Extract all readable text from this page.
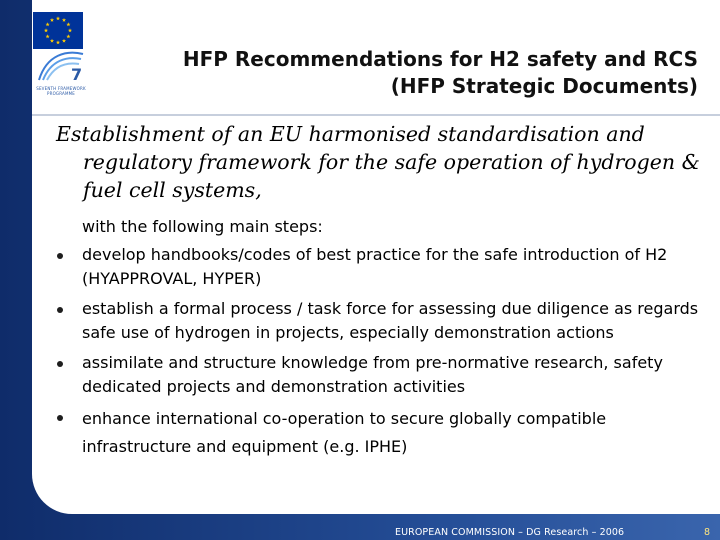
7
SEVENTH FRAMEWORK PROGRAMME
HFP Recommendations for H2 safety and RCS
(HFP Strategic Documents)
Establishment of an EU harmonised standardisation and regulatory framework for the safe operation of hydrogen & fuel cell systems,
with the following main steps:
develop handbooks/codes of best practice for the safe introduction of H2 (HYAPPROVAL, HYPER)
establish a formal process / task force for assessing due diligence as regards safe use of hydrogen in projects, especially demonstration actions
assimilate and structure knowledge from pre-normative research, safety dedicated projects and demonstration activities
enhance international co-operation to secure globally compatible infrastructure and equipment (e.g. IPHE)
EUROPEAN COMMISSION – DG Research – 2006	8
